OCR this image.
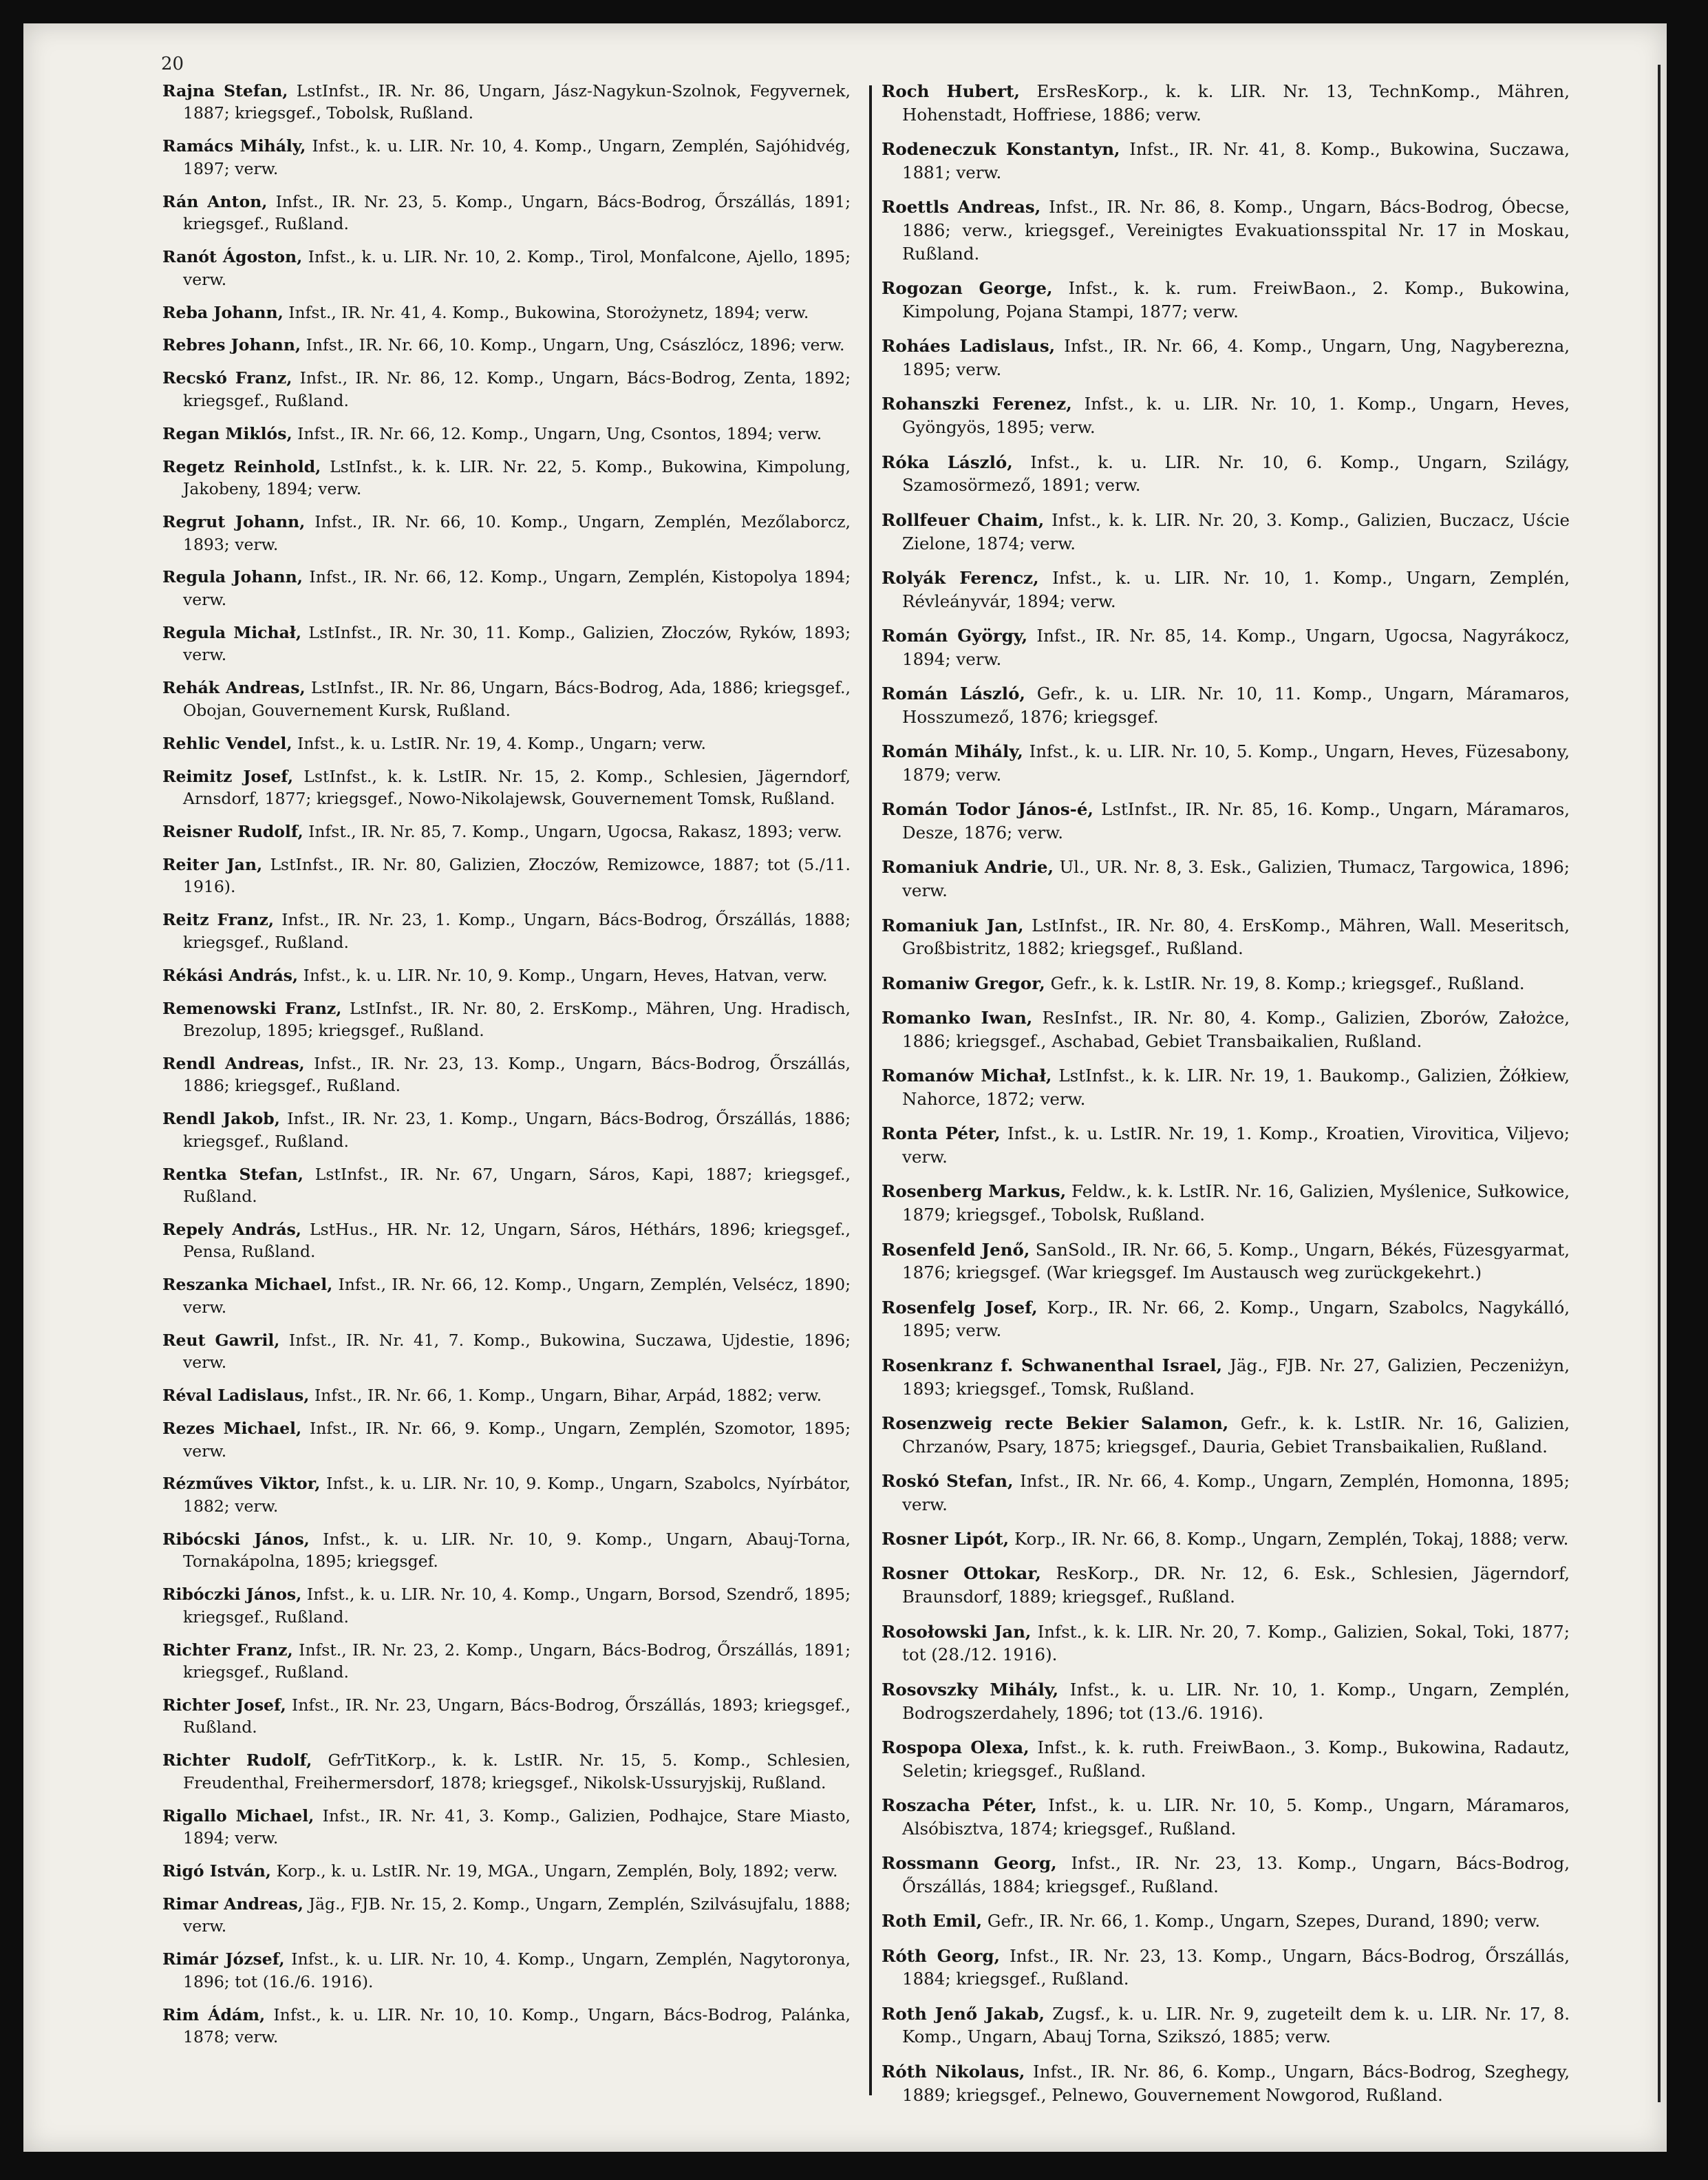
20

Rajna Stefan, LstInfst., IR. Nr. 86, Ungarn, Jász-Nagykun-Szolnok, Fegyvernek, 1887; kriegsgef., Tobolsk, Rußland.

Ramács Mihály, Infst., k. u. LIR. Nr. 10, 4. Komp., Ungarn, Zemplén, Sajóhidvég, 1897; verw.

Rán Anton, Infst., IR. Nr. 23, 5. Komp., Ungarn, Bács-Bodrog, Őrszállás, 1891; kriegsgef., Rußland.

Ranót Ágoston, Infst., k. u. LIR. Nr. 10, 2. Komp., Tirol, Monfalcone, Ajello, 1895; verw.

Reba Johann, Infst., IR. Nr. 41, 4. Komp., Bukowina, Storożynetz, 1894; verw.

Rebres Johann, Infst., IR. Nr. 66, 10. Komp., Ungarn, Ung, Császlócz, 1896; verw.

Recskó Franz, Infst., IR. Nr. 86, 12. Komp., Ungarn, Bács-Bodrog, Zenta, 1892; kriegsgef., Rußland.

Regan Miklós, Infst., IR. Nr. 66, 12. Komp., Ungarn, Ung, Csontos, 1894; verw.

Regetz Reinhold, LstInfst., k. k. LIR. Nr. 22, 5. Komp., Bukowina, Kimpolung, Jakobeny, 1894; verw.

Regrut Johann, Infst., IR. Nr. 66, 10. Komp., Ungarn, Zemplén, Mezőlaborcz, 1893; verw.

Regula Johann, Infst., IR. Nr. 66, 12. Komp., Ungarn, Zemplén, Kistopolya 1894; verw.

Regula Michał, LstInfst., IR. Nr. 30, 11. Komp., Galizien, Złoczów, Ryków, 1893; verw.

Rehák Andreas, LstInfst., IR. Nr. 86, Ungarn, Bács-Bodrog, Ada, 1886; kriegsgef., Obojan, Gouvernement Kursk, Rußland.

Rehlic Vendel, Infst., k. u. LstIR. Nr. 19, 4. Komp., Ungarn; verw.

Reimitz Josef, LstInfst., k. k. LstIR. Nr. 15, 2. Komp., Schlesien, Jägerndorf, Arnsdorf, 1877; kriegsgef., Nowo-Nikolajewsk, Gouvernement Tomsk, Rußland.

Reisner Rudolf, Infst., IR. Nr. 85, 7. Komp., Ungarn, Ugocsa, Rakasz, 1893; verw.

Reiter Jan, LstInfst., IR. Nr. 80, Galizien, Złoczów, Remizowce, 1887; tot (5./11. 1916).

Reitz Franz, Infst., IR. Nr. 23, 1. Komp., Ungarn, Bács-Bodrog, Őrszállás, 1888; kriegsgef., Rußland.

Rékási András, Infst., k. u. LIR. Nr. 10, 9. Komp., Ungarn, Heves, Hatvan, verw.

Remenowski Franz, LstInfst., IR. Nr. 80, 2. ErsKomp., Mähren, Ung. Hradisch, Brezolup, 1895; kriegsgef., Rußland.

Rendl Andreas, Infst., IR. Nr. 23, 13. Komp., Ungarn, Bács-Bodrog, Őrszállás, 1886; kriegsgef., Rußland.

Rendl Jakob, Infst., IR. Nr. 23, 1. Komp., Ungarn, Bács-Bodrog, Őrszállás, 1886; kriegsgef., Rußland.

Rentka Stefan, LstInfst., IR. Nr. 67, Ungarn, Sáros, Kapi, 1887; kriegsgef., Rußland.

Repely András, LstHus., HR. Nr. 12, Ungarn, Sáros, Héthárs, 1896; kriegsgef., Pensa, Rußland.

Reszanka Michael, Infst., IR. Nr. 66, 12. Komp., Ungarn, Zemplén, Velsécz, 1890; verw.

Reut Gawril, Infst., IR. Nr. 41, 7. Komp., Bukowina, Suczawa, Ujdestie, 1896; verw.

Réval Ladislaus, Infst., IR. Nr. 66, 1. Komp., Ungarn, Bihar, Arpád, 1882; verw.

Rezes Michael, Infst., IR. Nr. 66, 9. Komp., Ungarn, Zemplén, Szomotor, 1895; verw.

Rézműves Viktor, Infst., k. u. LIR. Nr. 10, 9. Komp., Ungarn, Szabolcs, Nyírbátor, 1882; verw.

Ribócski János, Infst., k. u. LIR. Nr. 10, 9. Komp., Ungarn, Abauj-Torna, Tornakápolna, 1895; kriegsgef.

Ribóczki János, Infst., k. u. LIR. Nr. 10, 4. Komp., Ungarn, Borsod, Szendrő, 1895; kriegsgef., Rußland.

Richter Franz, Infst., IR. Nr. 23, 2. Komp., Ungarn, Bács-Bodrog, Őrszállás, 1891; kriegsgef., Rußland.

Richter Josef, Infst., IR. Nr. 23, Ungarn, Bács-Bodrog, Őrszállás, 1893; kriegsgef., Rußland.

Richter Rudolf, GefrTitKorp., k. k. LstIR. Nr. 15, 5. Komp., Schlesien, Freudenthal, Freihermersdorf, 1878; kriegsgef., Nikolsk-Ussuryjskij, Rußland.

Rigallo Michael, Infst., IR. Nr. 41, 3. Komp., Galizien, Podhajce, Stare Miasto, 1894; verw.

Rigó István, Korp., k. u. LstIR. Nr. 19, MGA., Ungarn, Zemplén, Boly, 1892; verw.

Rimar Andreas, Jäg., FJB. Nr. 15, 2. Komp., Ungarn, Zemplén, Szilvásujfalu, 1888; verw.

Rimár József, Infst., k. u. LIR. Nr. 10, 4. Komp., Ungarn, Zemplén, Nagytoronya, 1896; tot (16./6. 1916).

Rim Ádám, Infst., k. u. LIR. Nr. 10, 10. Komp., Ungarn, Bács-Bodrog, Palánka, 1878; verw.

Roch Hubert, ErsResKorp., k. k. LIR. Nr. 13, TechnKomp., Mähren, Hohenstadt, Hoffriese, 1886; verw.

Rodeneczuk Konstantyn, Infst., IR. Nr. 41, 8. Komp., Bukowina, Suczawa, 1881; verw.

Roettls Andreas, Infst., IR. Nr. 86, 8. Komp., Ungarn, Bács-Bodrog, Óbecse, 1886; verw., kriegsgef., Vereinigtes Evakuationsspital Nr. 17 in Moskau, Rußland.

Rogozan George, Infst., k. k. rum. FreiwBaon., 2. Komp., Bukowina, Kimpolung, Pojana Stampi, 1877; verw.

Roháes Ladislaus, Infst., IR. Nr. 66, 4. Komp., Ungarn, Ung, Nagyberezna, 1895; verw.

Rohanszki Ferenez, Infst., k. u. LIR. Nr. 10, 1. Komp., Ungarn, Heves, Gyöngyös, 1895; verw.

Róka László, Infst., k. u. LIR. Nr. 10, 6. Komp., Ungarn, Szilágy, Szamosörmező, 1891; verw.

Rollfeuer Chaim, Infst., k. k. LIR. Nr. 20, 3. Komp., Galizien, Buczacz, Uście Zielone, 1874; verw.

Rolyák Ferencz, Infst., k. u. LIR. Nr. 10, 1. Komp., Ungarn, Zemplén, Révleányvár, 1894; verw.

Román György, Infst., IR. Nr. 85, 14. Komp., Ungarn, Ugocsa, Nagyrákocz, 1894; verw.

Román László, Gefr., k. u. LIR. Nr. 10, 11. Komp., Ungarn, Máramaros, Hosszumező, 1876; kriegsgef.

Román Mihály, Infst., k. u. LIR. Nr. 10, 5. Komp., Ungarn, Heves, Füzesabony, 1879; verw.

Román Todor János-é, LstInfst., IR. Nr. 85, 16. Komp., Ungarn, Máramaros, Desze, 1876; verw.

Romaniuk Andrie, Ul., UR. Nr. 8, 3. Esk., Galizien, Tłumacz, Targowica, 1896; verw.

Romaniuk Jan, LstInfst., IR. Nr. 80, 4. ErsKomp., Mähren, Wall. Meseritsch, Großbistritz, 1882; kriegsgef., Rußland.

Romaniw Gregor, Gefr., k. k. LstIR. Nr. 19, 8. Komp.; kriegsgef., Rußland.

Romanko Iwan, ResInfst., IR. Nr. 80, 4. Komp., Galizien, Zborów, Założce, 1886; kriegsgef., Aschabad, Gebiet Transbaikalien, Rußland.

Romanów Michał, LstInfst., k. k. LIR. Nr. 19, 1. Baukomp., Galizien, Żółkiew, Nahorce, 1872; verw.

Ronta Péter, Infst., k. u. LstIR. Nr. 19, 1. Komp., Kroatien, Virovitica, Viljevo; verw.

Rosenberg Markus, Feldw., k. k. LstIR. Nr. 16, Galizien, Myślenice, Sułkowice, 1879; kriegsgef., Tobolsk, Rußland.

Rosenfeld Jenő, SanSold., IR. Nr. 66, 5. Komp., Ungarn, Békés, Füzesgyarmat, 1876; kriegsgef. (War kriegsgef. Im Austausch weg zurückgekehrt.)

Rosenfelg Josef, Korp., IR. Nr. 66, 2. Komp., Ungarn, Szabolcs, Nagykálló, 1895; verw.

Rosenkranz f. Schwanenthal Israel, Jäg., FJB. Nr. 27, Galizien, Peczeniżyn, 1893; kriegsgef., Tomsk, Rußland.

Rosenzweig recte Bekier Salamon, Gefr., k. k. LstIR. Nr. 16, Galizien, Chrzanów, Psary, 1875; kriegsgef., Dauria, Gebiet Transbaikalien, Rußland.

Roskó Stefan, Infst., IR. Nr. 66, 4. Komp., Ungarn, Zemplén, Homonna, 1895; verw.

Rosner Lipót, Korp., IR. Nr. 66, 8. Komp., Ungarn, Zemplén, Tokaj, 1888; verw.

Rosner Ottokar, ResKorp., DR. Nr. 12, 6. Esk., Schlesien, Jägerndorf, Braunsdorf, 1889; kriegsgef., Rußland.

Rosołowski Jan, Infst., k. k. LIR. Nr. 20, 7. Komp., Galizien, Sokal, Toki, 1877; tot (28./12. 1916).

Rosovszky Mihály, Infst., k. u. LIR. Nr. 10, 1. Komp., Ungarn, Zemplén, Bodrogszerdahely, 1896; tot (13./6. 1916).

Rospopa Olexa, Infst., k. k. ruth. FreiwBaon., 3. Komp., Bukowina, Radautz, Seletin; kriegsgef., Rußland.

Roszacha Péter, Infst., k. u. LIR. Nr. 10, 5. Komp., Ungarn, Máramaros, Alsóbisztva, 1874; kriegsgef., Rußland.

Rossmann Georg, Infst., IR. Nr. 23, 13. Komp., Ungarn, Bács-Bodrog, Őrszállás, 1884; kriegsgef., Rußland.

Roth Emil, Gefr., IR. Nr. 66, 1. Komp., Ungarn, Szepes, Durand, 1890; verw.

Róth Georg, Infst., IR. Nr. 23, 13. Komp., Ungarn, Bács-Bodrog, Őrszállás, 1884; kriegsgef., Rußland.

Roth Jenő Jakab, Zugsf., k. u. LIR. Nr. 9, zugeteilt dem k. u. LIR. Nr. 17, 8. Komp., Ungarn, Abauj Torna, Szikszó, 1885; verw.

Róth Nikolaus, Infst., IR. Nr. 86, 6. Komp., Ungarn, Bács-Bodrog, Szeghegy, 1889; kriegsgef., Pelnewo, Gouvernement Nowgorod, Rußland.
